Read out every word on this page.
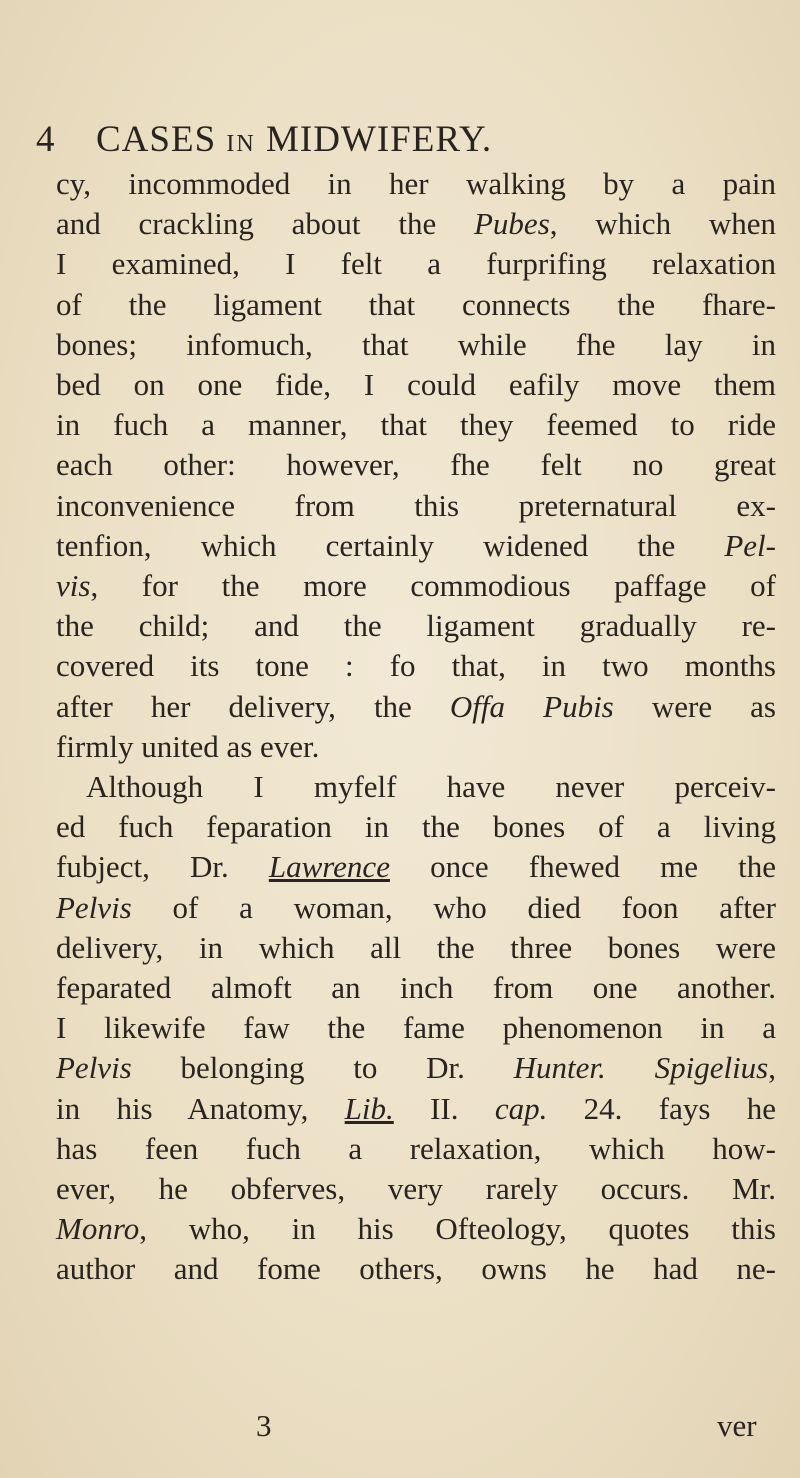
4 CASES IN MIDWIFERY.
cy, incommoded in her walking by a pain
and crackling about the Pubes, which when
I examined, I felt a furprifing relaxation
of the ligament that connects the fhare-
bones; infomuch, that while fhe lay in
bed on one fide, I could eafily move them
in fuch a manner, that they feemed to ride
each other: however, fhe felt no great
inconvenience from this preternatural ex-
tenfion, which certainly widened the Pel-
vis, for the more commodious paffage of
the child; and the ligament gradually re-
covered its tone : fo that, in two months
after her delivery, the Offa Pubis were as
firmly united as ever.
Although I myfelf have never perceiv-
ed fuch feparation in the bones of a living
fubject, Dr. Lawrence once fhewed me the
Pelvis of a woman, who died foon after
delivery, in which all the three bones were
feparated almoft an inch from one another.
I likewife faw the fame phenomenon in a
Pelvis belonging to Dr. Hunter. Spigelius,
in his Anatomy, Lib. II. cap. 24. fays he
has feen fuch a relaxation, which how-
ever, he obferves, very rarely occurs. Mr.
Monro, who, in his Ofteology, quotes this
author and fome others, owns he had ne-
3	ver
